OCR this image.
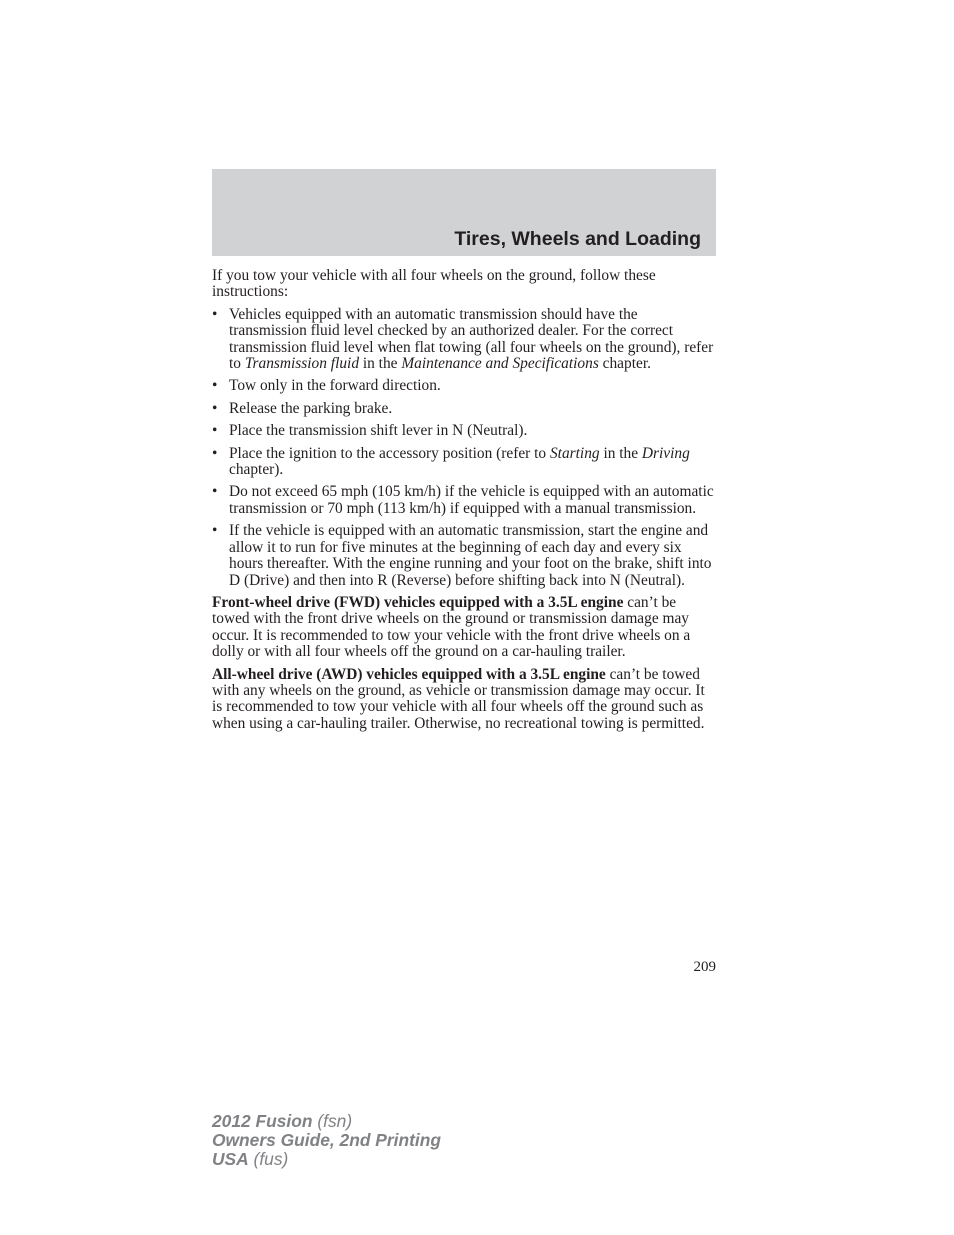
Tires, Wheels and Loading

If you tow your vehicle with all four wheels on the ground, follow these instructions:

• Vehicles equipped with an automatic transmission should have the transmission fluid level checked by an authorized dealer. For the correct transmission fluid level when flat towing (all four wheels on the ground), refer to Transmission fluid in the Maintenance and Specifications chapter.
• Tow only in the forward direction.
• Release the parking brake.
• Place the transmission shift lever in N (Neutral).
• Place the ignition to the accessory position (refer to Starting in the Driving chapter).
• Do not exceed 65 mph (105 km/h) if the vehicle is equipped with an automatic transmission or 70 mph (113 km/h) if equipped with a manual transmission.
• If the vehicle is equipped with an automatic transmission, start the engine and allow it to run for five minutes at the beginning of each day and every six hours thereafter. With the engine running and your foot on the brake, shift into D (Drive) and then into R (Reverse) before shifting back into N (Neutral).

Front-wheel drive (FWD) vehicles equipped with a 3.5L engine can’t be towed with the front drive wheels on the ground or transmission damage may occur. It is recommended to tow your vehicle with the front drive wheels on a dolly or with all four wheels off the ground on a car-hauling trailer.

All-wheel drive (AWD) vehicles equipped with a 3.5L engine can’t be towed with any wheels on the ground, as vehicle or transmission damage may occur. It is recommended to tow your vehicle with all four wheels off the ground such as when using a car-hauling trailer. Otherwise, no recreational towing is permitted.

209
2012 Fusion (fsn)
Owners Guide, 2nd Printing
USA (fus)
